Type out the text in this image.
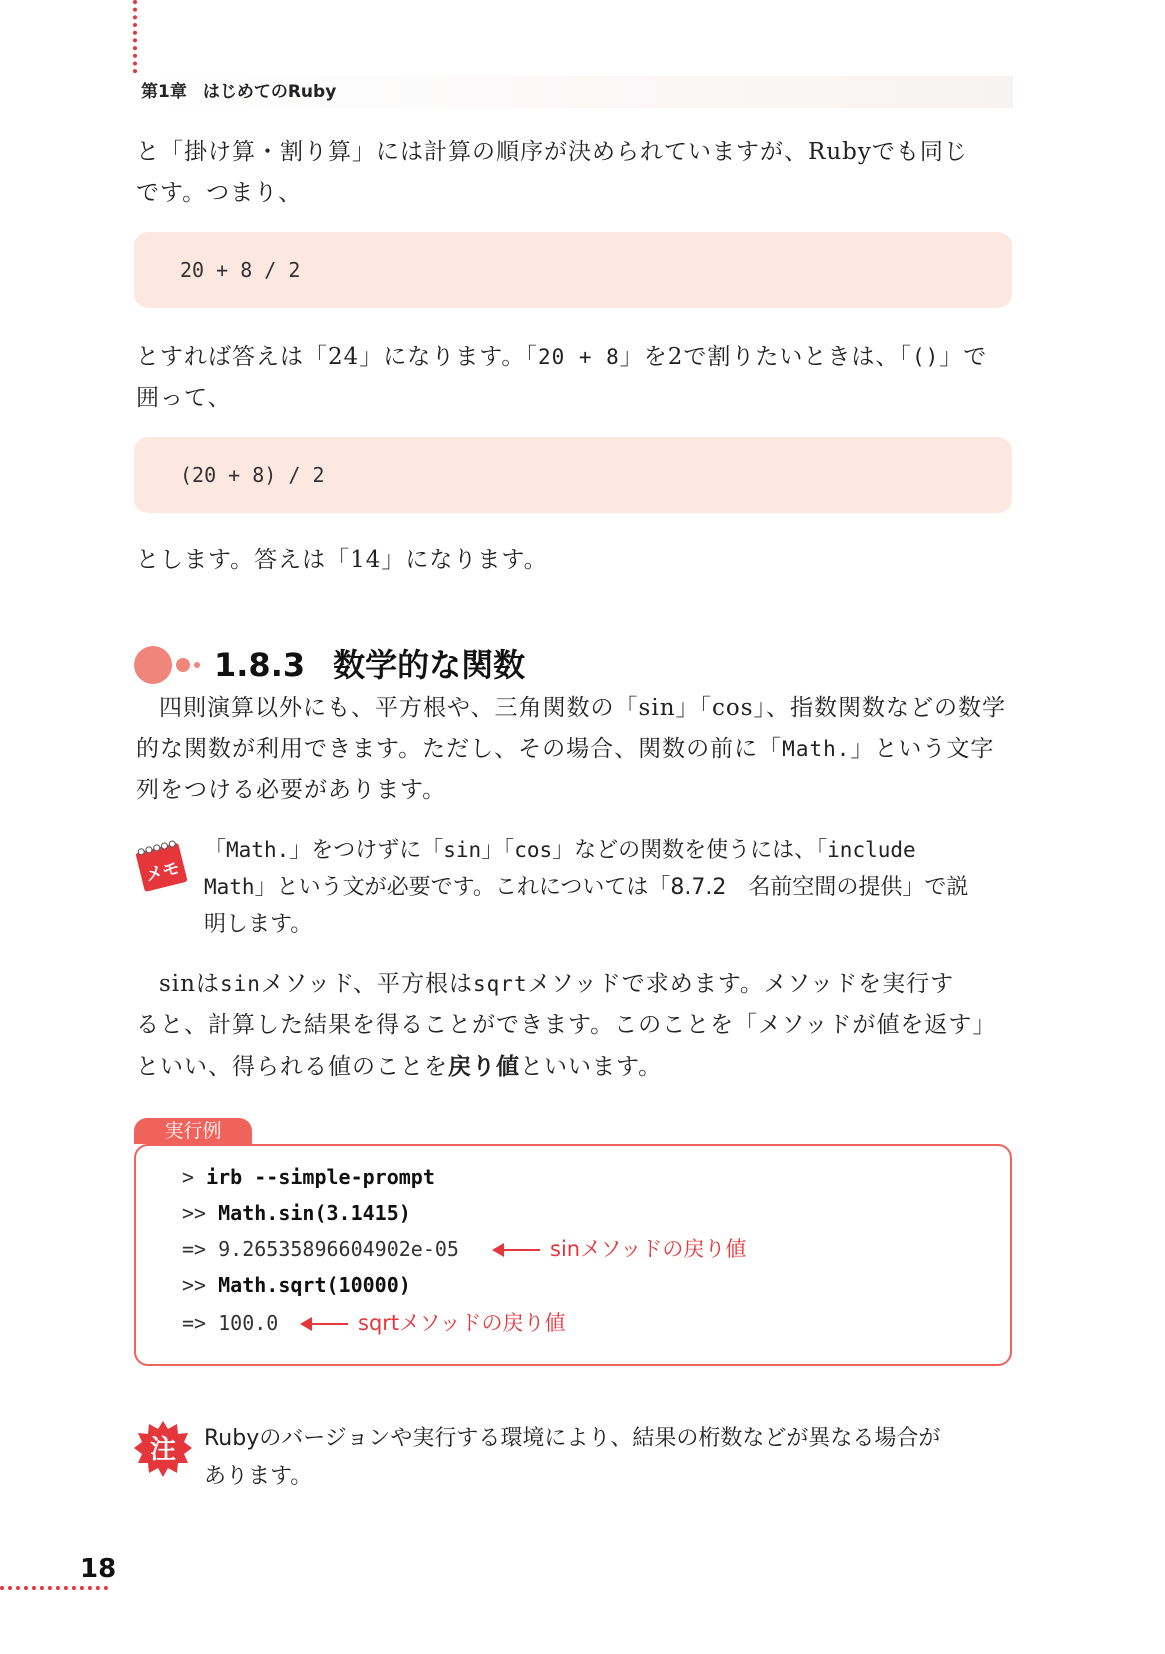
第1章 はじめてのRuby
と「掛け算・割り算」には計算の順序が決められていますが、Rubyでも同じ
です。つまり、
20 + 8 / 2
とすれば答えは「24」になります。「20 + 8」を2で割りたいときは、「()」で
囲って、
(20 + 8) / 2
とします。答えは「14」になります。
1.8.3 数学的な関数
四則演算以外にも、平方根や、三角関数の「sin」「cos」、指数関数などの数学
的な関数が利用できます。ただし、その場合、関数の前に「Math.」という文字
列をつける必要があります。
メモ
「Math.」をつけずに「sin」「cos」などの関数を使うには、「include
Math」という文が必要です。これについては「8.7.2　名前空間の提供」で説
明します。
sinはsinメソッド、平方根はsqrtメソッドで求めます。メソッドを実行す
ると、計算した結果を得ることができます。このことを「メソッドが値を返す」
といい、得られる値のことを戻り値といいます。
実行例
> irb --simple-prompt
>> Math.sin(3.1415)
=> 9.26535896604902e-05	sinメソッドの戻り値
>> Math.sqrt(10000)
=> 100.0	sqrtメソッドの戻り値
注 Rubyのバージョンや実行する環境により、結果の桁数などが異なる場合が
あります。
18
